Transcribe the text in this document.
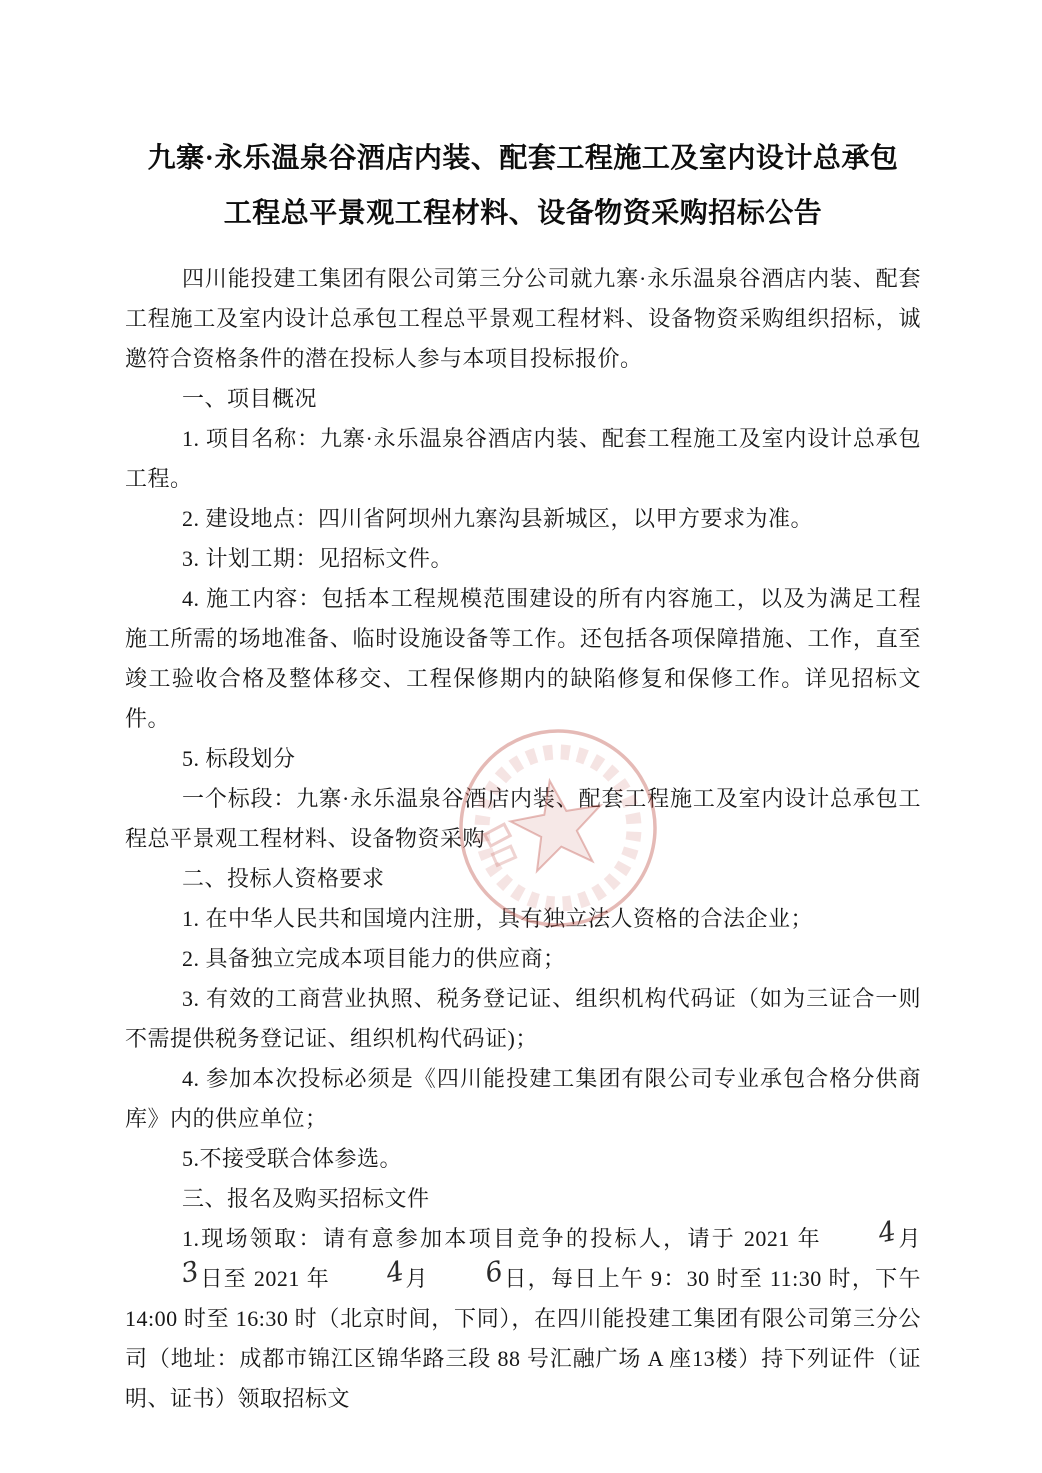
九寨·永乐温泉谷酒店内装、配套工程施工及室内设计总承包工程总平景观工程材料、设备物资采购招标公告

四川能投建工集团有限公司第三分公司就九寨·永乐温泉谷酒店内装、配套工程施工及室内设计总承包工程总平景观工程材料、设备物资采购组织招标，诚邀符合资格条件的潜在投标人参与本项目投标报价。

一、项目概况

1. 项目名称：九寨·永乐温泉谷酒店内装、配套工程施工及室内设计总承包工程。

2. 建设地点：四川省阿坝州九寨沟县新城区，以甲方要求为准。

3. 计划工期：见招标文件。

4. 施工内容：包括本工程规模范围建设的所有内容施工，以及为满足工程施工所需的场地准备、临时设施设备等工作。还包括各项保障措施、工作，直至竣工验收合格及整体移交、工程保修期内的缺陷修复和保修工作。详见招标文件。

5. 标段划分

一个标段：九寨·永乐温泉谷酒店内装、配套工程施工及室内设计总承包工程总平景观工程材料、设备物资采购

二、投标人资格要求

1. 在中华人民共和国境内注册，具有独立法人资格的合法企业；

2. 具备独立完成本项目能力的供应商；

3. 有效的工商营业执照、税务登记证、组织机构代码证（如为三证合一则不需提供税务登记证、组织机构代码证)；

4. 参加本次投标必须是《四川能投建工集团有限公司专业承包合格分供商库》内的供应单位；

5.不接受联合体参选。

三、报名及购买招标文件

1.现场领取：请有意参加本项目竞争的投标人，请于 2021 年 4月3日至 2021 年 4月 6日，每日上午 9：30 时至 11:30 时，下午 14:00 时至 16:30 时（北京时间，下同），在四川能投建工集团有限公司第三分公司（地址：成都市锦江区锦华路三段 88 号汇融广场 A 座13楼）持下列证件（证明、证书）领取招标文
